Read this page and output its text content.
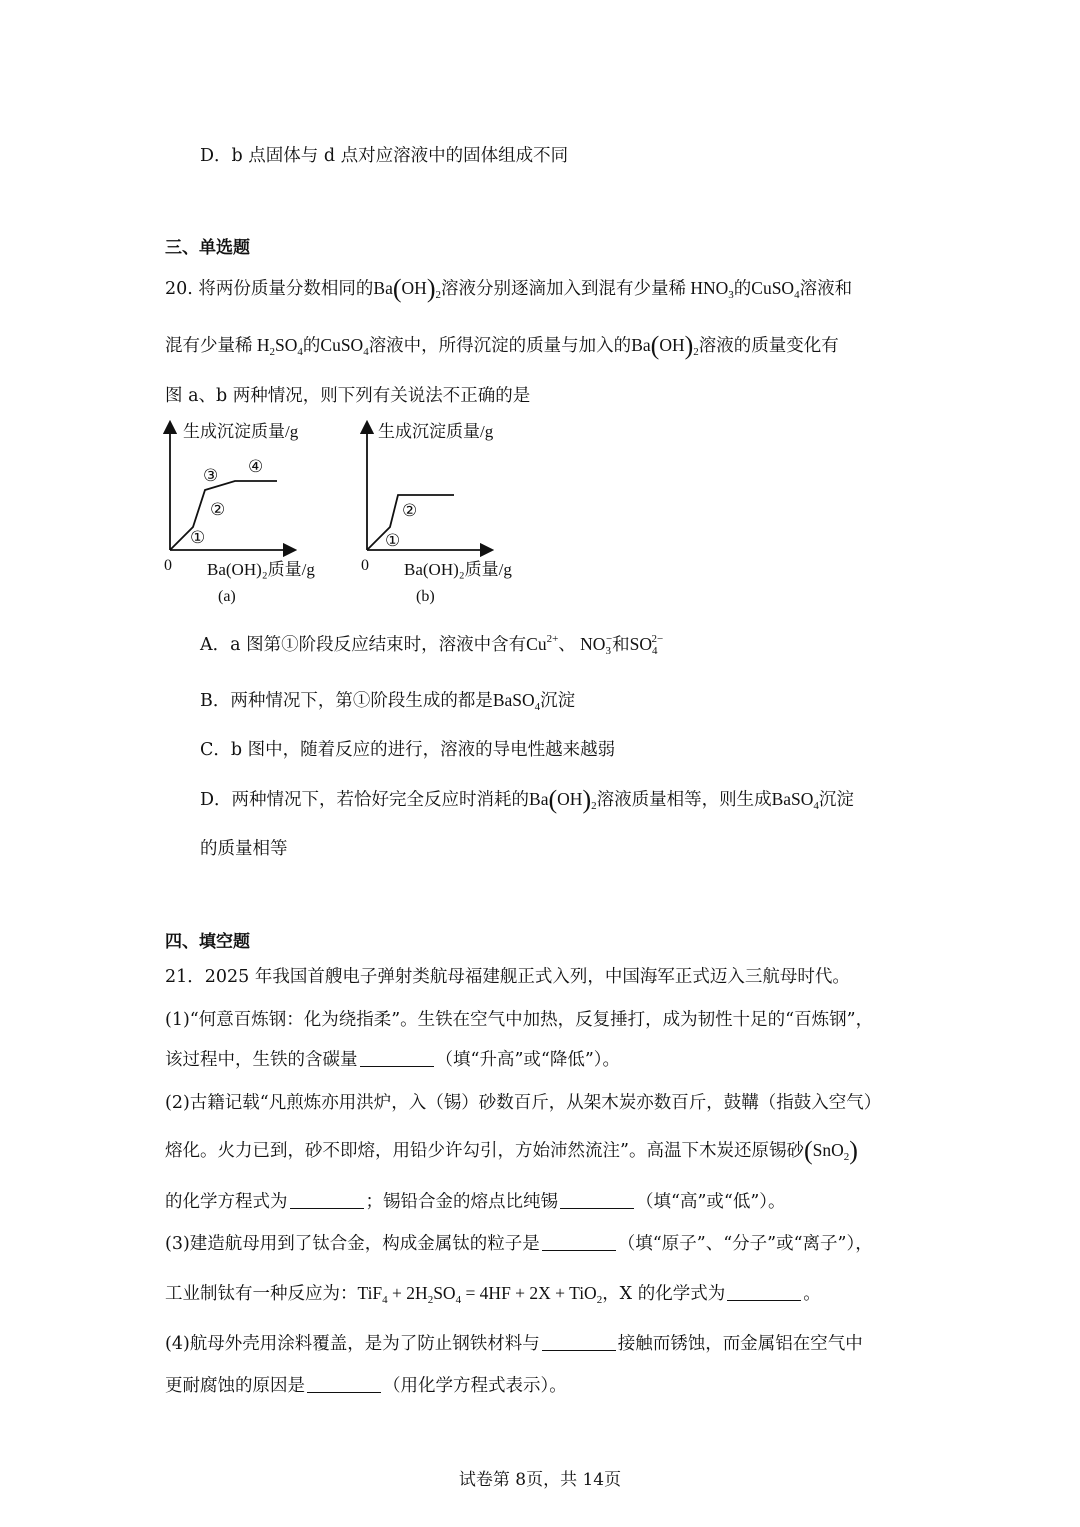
D．b 点固体与 d 点对应溶液中的固体组成不同
三、单选题
20. 将两份质量分数相同的$Ba(OH)_2$溶液分别逐滴加入到混有少量稀 $HNO_3$的CuSO$_4$溶液和
混有少量稀 $H_2SO_4$的CuSO$_4$溶液中，所得沉淀的质量与加入的$Ba(OH)_2$溶液的质量变化有
图 a、b 两种情况，则下列有关说法不正确的是
生成沉淀质量/g
0 Ba(OH)₂质量/g
(a)
①
②
③ ④
生成沉淀质量/g
0 Ba(OH)₂质量/g
(b)
①
②
A．a 图第①阶段反应结束时，溶液中含有$Cu^{2+}$、 $NO_3^-$和$SO_4^{2-}$
B．两种情况下，第①阶段生成的都是BaSO$_4$沉淀
C．b 图中，随着反应的进行，溶液的导电性越来越弱
D．两种情况下，若恰好完全反应时消耗的$Ba(OH)_2$溶液质量相等，则生成BaSO$_4$沉淀
的质量相等
四、填空题
21．2025 年我国首艘电子弹射类航母福建舰正式入列，中国海军正式迈入三航母时代。
(1)“何意百炼钢：化为绕指柔”。生铁在空气中加热，反复捶打，成为韧性十足的“百炼钢”，
该过程中，生铁的含碳量	（填“升高”或“降低”）。
(2)古籍记载“凡煎炼亦用洪炉，入（锡）砂数百斤，从架木炭亦数百斤，鼓鞲（指鼓入空气）
熔化。火力已到，砂不即熔，用铅少许勾引，方始沛然流注”。高温下木炭还原锡砂(SnO$_2$)
的化学方程式为	；锡铅合金的熔点比纯锡	（填“高”或“低”）。
(3)建造航母用到了钛合金，构成金属钛的粒子是	（填“原子”、“分子”或“离子”），
工业制钛有一种反应为：$TiF_4 + 2H_2SO_4 = 4HF + 2X + TiO_2$，X 的化学式为	。
(4)航母外壳用涂料覆盖，是为了防止钢铁材料与	接触而锈蚀，而金属铝在空气中
更耐腐蚀的原因是	（用化学方程式表示）。
试卷第 8页，共 14页
